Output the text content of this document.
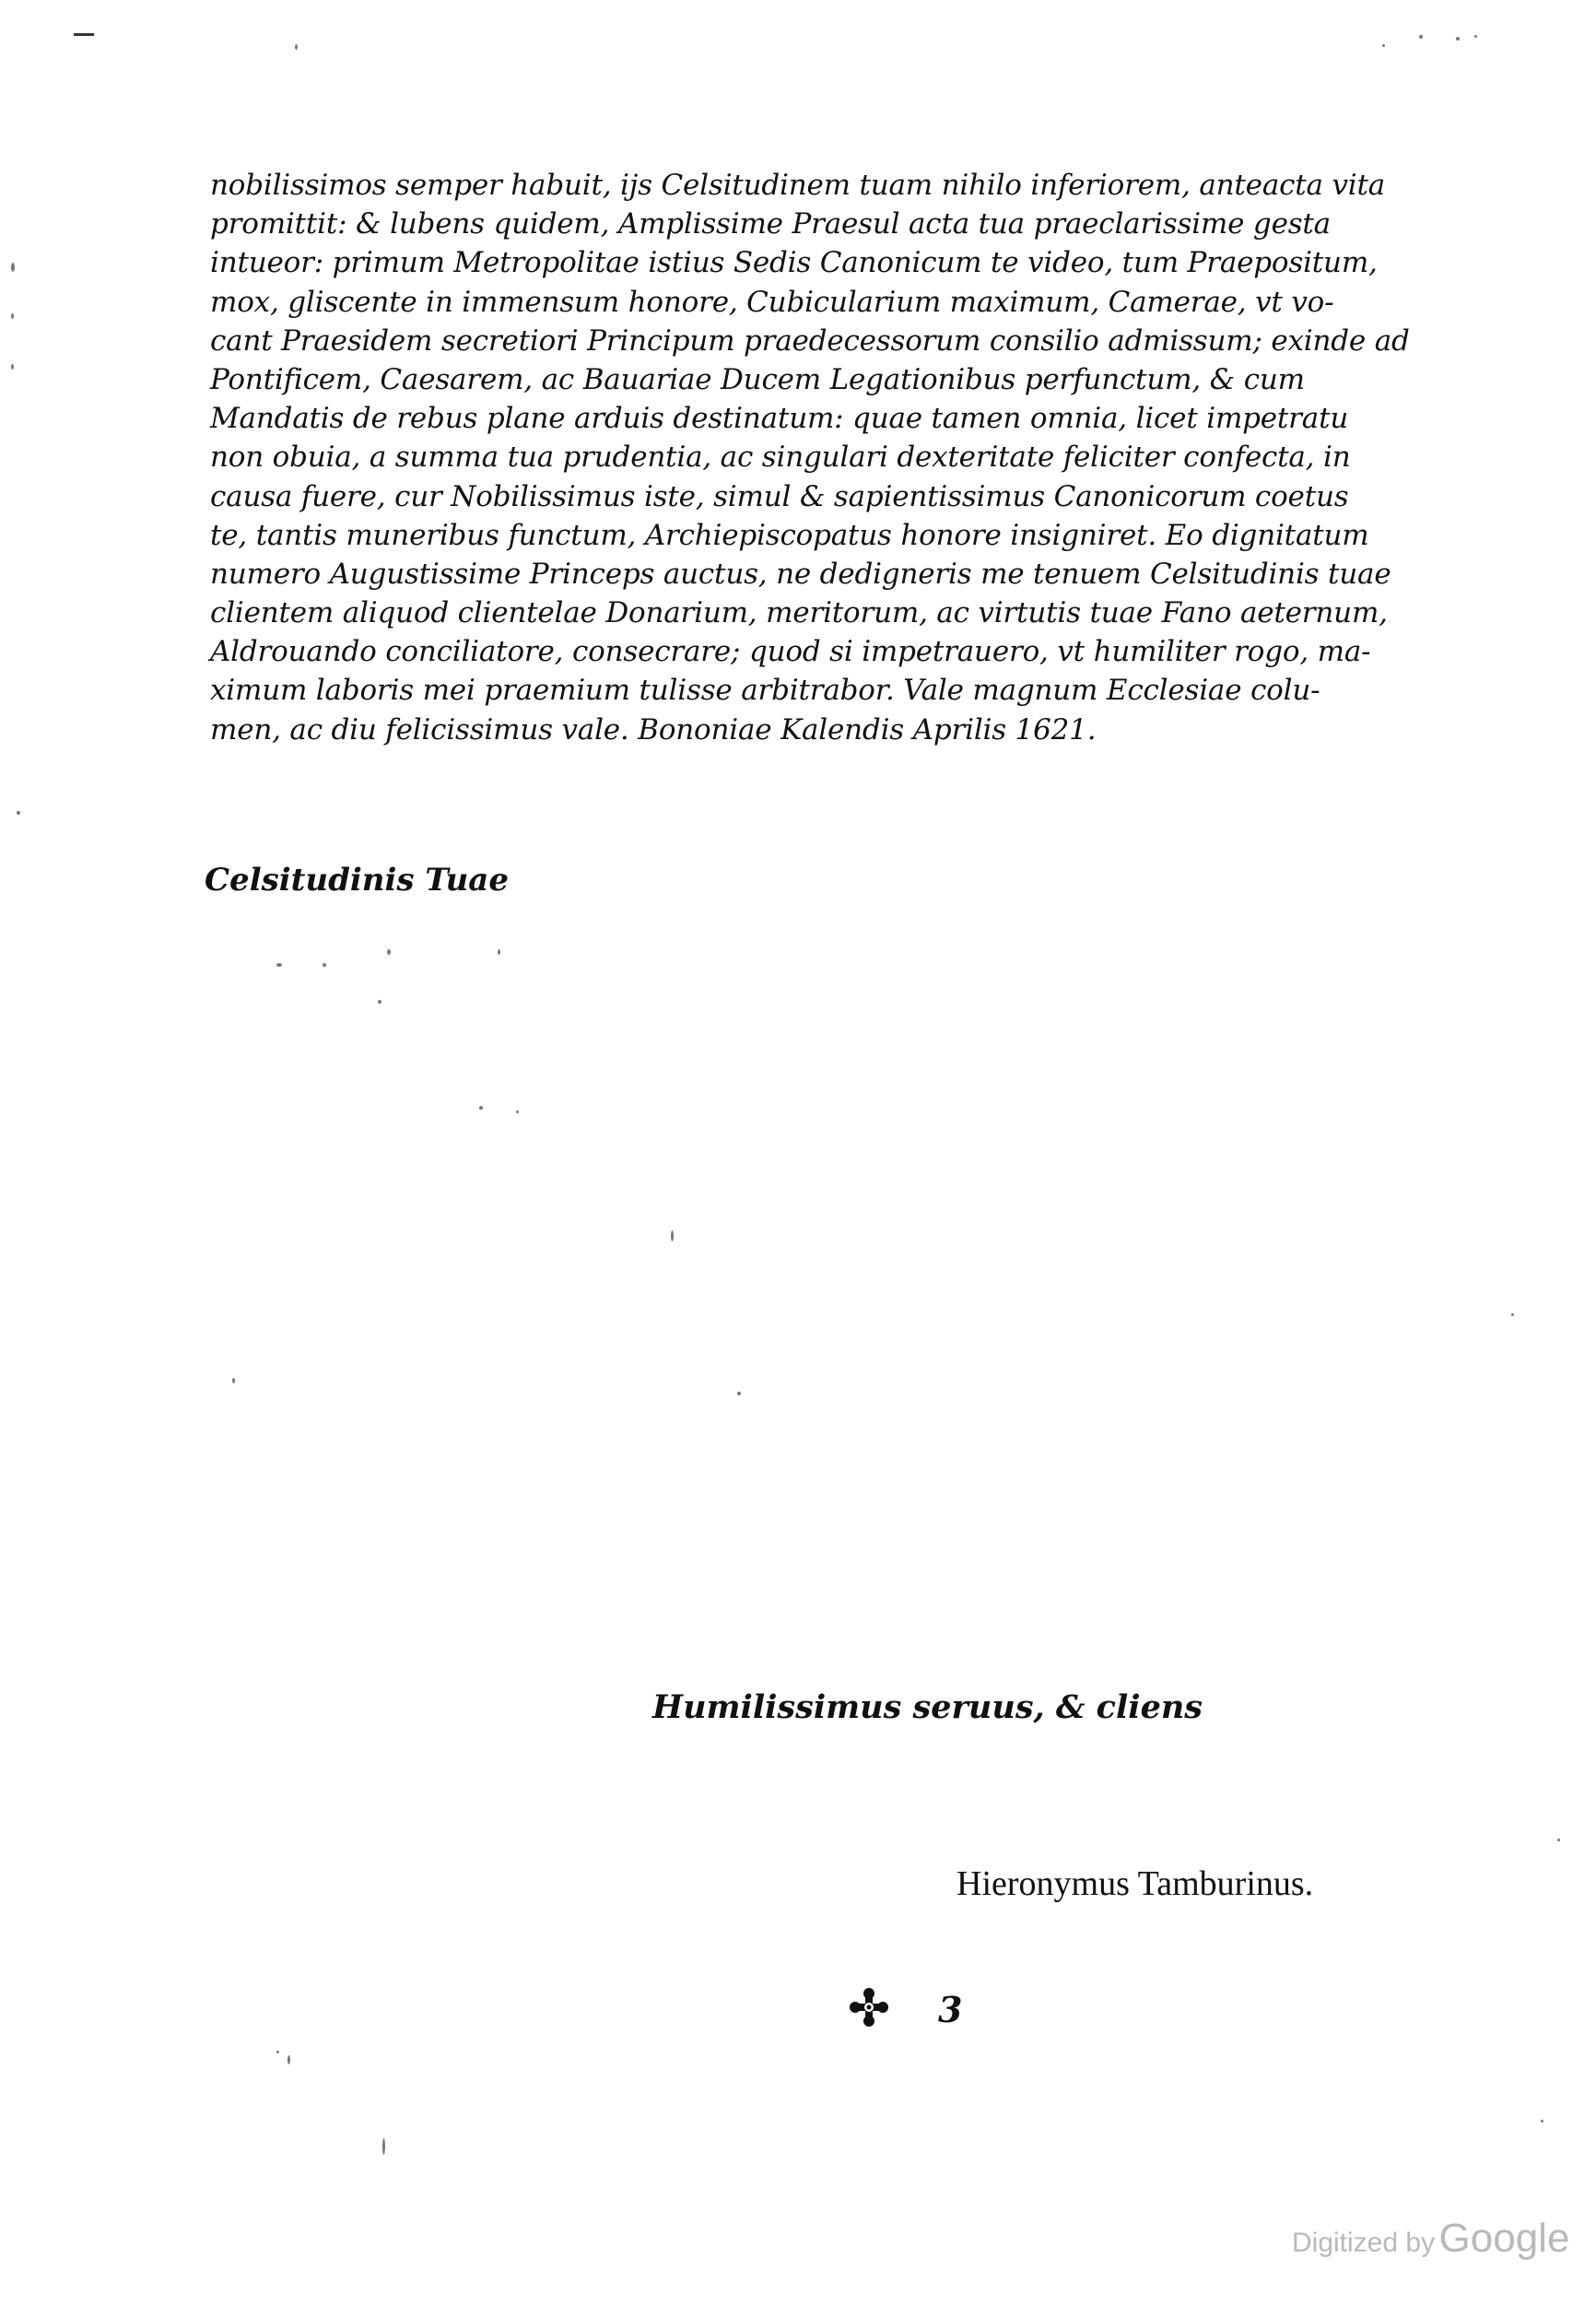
nobilissimos semper habuit, ijs Celsitudinem tuam nihilo inferiorem, anteacta vita
promittit: & lubens quidem, Amplissime Praesul acta tua praeclarissime gesta
intueor: primum Metropolitae istius Sedis Canonicum te video, tum Praepositum,
mox, gliscente in immensum honore, Cubicularium maximum, Camerae, vt vo-
cant Praesidem secretiori Principum praedecessorum consilio admissum; exinde ad
Pontificem, Caesarem, ac Bauariae Ducem Legationibus perfunctum, & cum
Mandatis de rebus plane arduis destinatum: quae tamen omnia, licet impetratu
non obuia, a summa tua prudentia, ac singulari dexteritate feliciter confecta, in
causa fuere, cur Nobilissimus iste, simul & sapientissimus Canonicorum coetus
te, tantis muneribus functum, Archiepiscopatus honore insigniret. Eo dignitatum
numero Augustissime Princeps auctus, ne dedigneris me tenuem Celsitudinis tuae
clientem aliquod clientelae Donarium, meritorum, ac virtutis tuae Fano aeternum,
Aldrouando conciliatore, consecrare; quod si impetrauero, vt humiliter rogo, ma-
ximum laboris mei praemium tulisse arbitrabor. Vale magnum Ecclesiae colu-
men, ac diu felicissimus vale. Bononiae Kalendis Aprilis 1621.
Celsitudinis Tuae
Humilissimus seruus, & cliens
Hieronymus Tamburinus.
3
Digitized by Google
